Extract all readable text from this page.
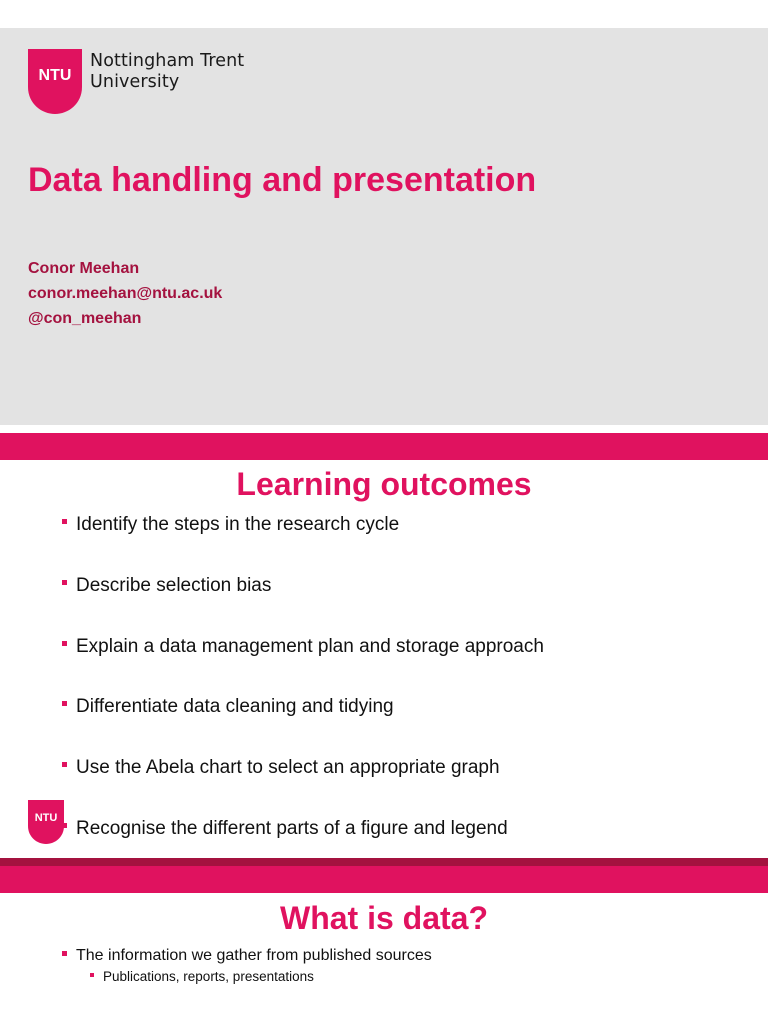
NTU
Nottingham Trent
University
Data handling and presentation
Conor Meehan
conor.meehan@ntu.ac.uk
@con_meehan
Learning outcomes
Identify the steps in the research cycle
Describe selection bias
Explain a data management plan and storage approach
Differentiate data cleaning and tidying
Use the Abela chart to select an appropriate graph
Recognise the different parts of a figure and legend
NTU
What is data?
The information we gather from published sources
Publications, reports, presentations
